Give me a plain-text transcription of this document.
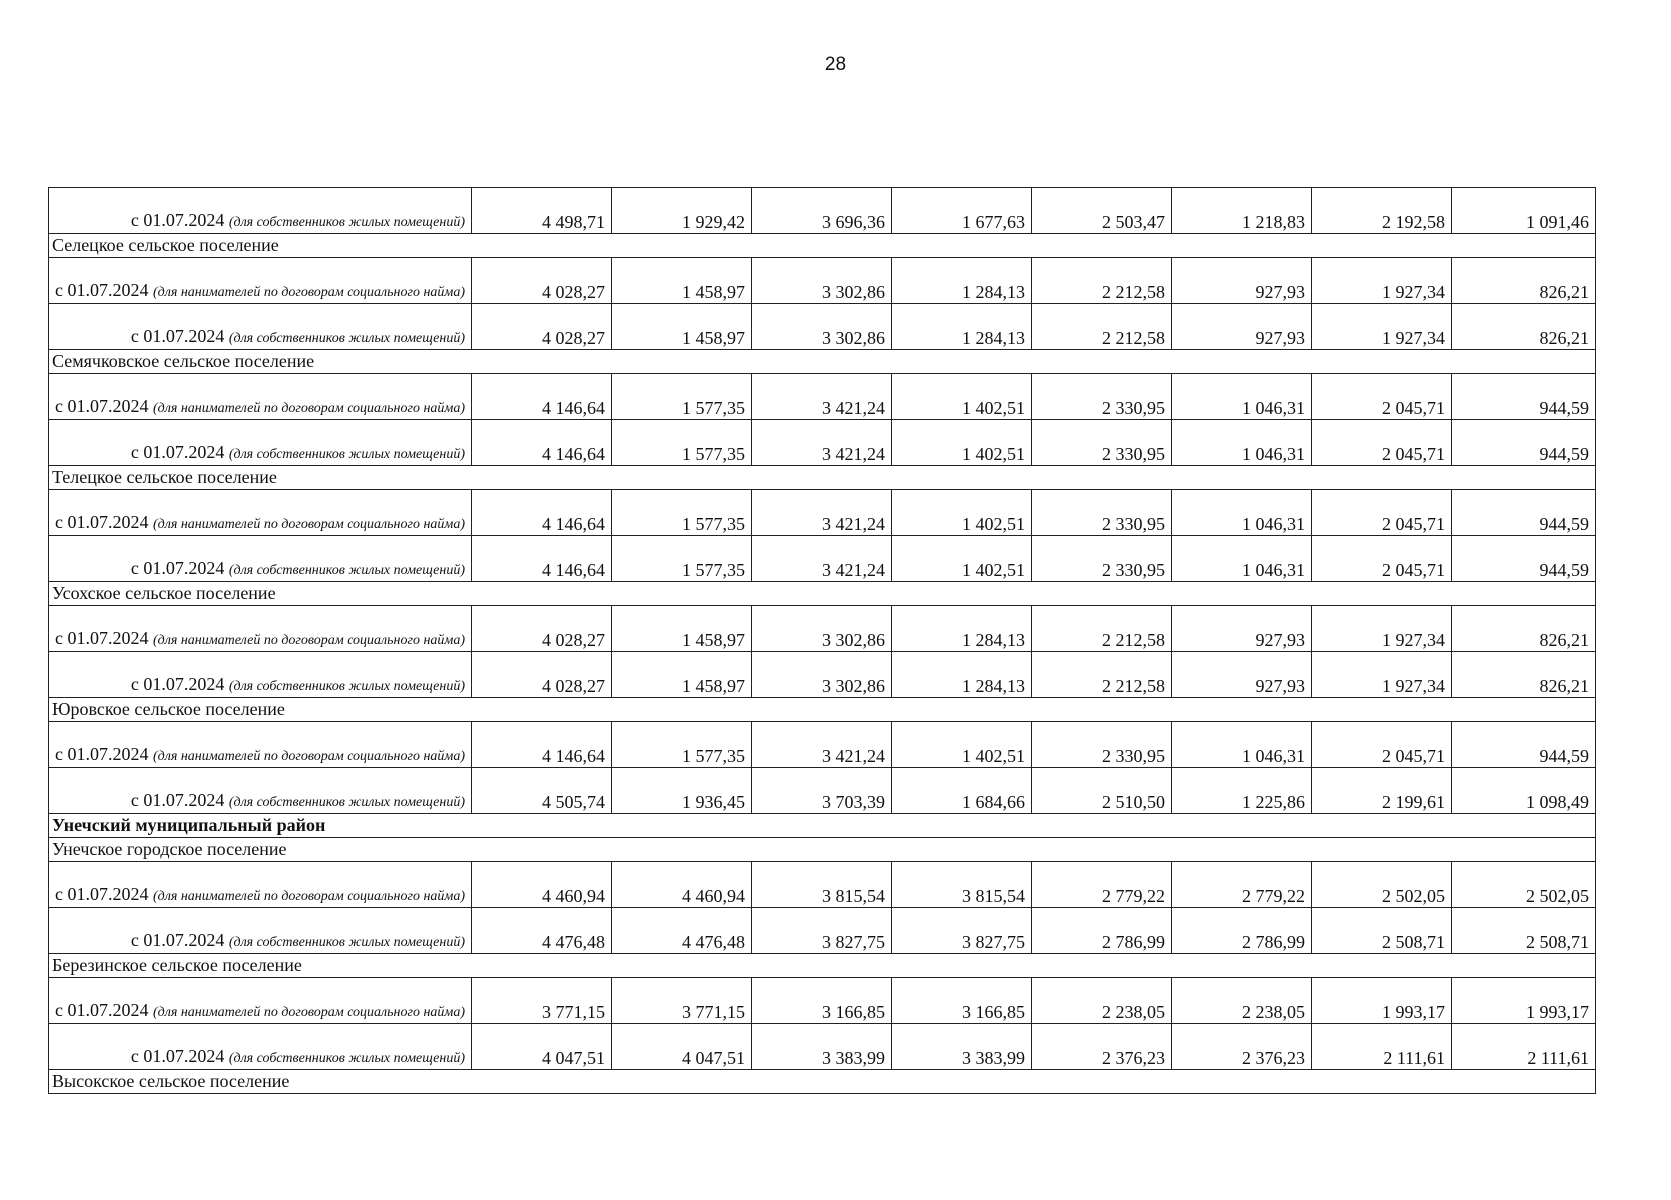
28
с 01.07.2024 (для собственников жилых помещений)	4 498,71	1 929,42	3 696,36	1 677,63	2 503,47	1 218,83	2 192,58	1 091,46
Селецкое сельское поселение								
с 01.07.2024 (для нанимателей по договорам социального найма)	4 028,27	1 458,97	3 302,86	1 284,13	2 212,58	927,93	1 927,34	826,21
с 01.07.2024 (для собственников жилых помещений)	4 028,27	1 458,97	3 302,86	1 284,13	2 212,58	927,93	1 927,34	826,21
Семячковское сельское поселение								
с 01.07.2024 (для нанимателей по договорам социального найма)	4 146,64	1 577,35	3 421,24	1 402,51	2 330,95	1 046,31	2 045,71	944,59
с 01.07.2024 (для собственников жилых помещений)	4 146,64	1 577,35	3 421,24	1 402,51	2 330,95	1 046,31	2 045,71	944,59
Телецкое сельское поселение								
с 01.07.2024 (для нанимателей по договорам социального найма)	4 146,64	1 577,35	3 421,24	1 402,51	2 330,95	1 046,31	2 045,71	944,59
с 01.07.2024 (для собственников жилых помещений)	4 146,64	1 577,35	3 421,24	1 402,51	2 330,95	1 046,31	2 045,71	944,59
Усохское сельское поселение								
с 01.07.2024 (для нанимателей по договорам социального найма)	4 028,27	1 458,97	3 302,86	1 284,13	2 212,58	927,93	1 927,34	826,21
с 01.07.2024 (для собственников жилых помещений)	4 028,27	1 458,97	3 302,86	1 284,13	2 212,58	927,93	1 927,34	826,21
Юровское сельское поселение								
с 01.07.2024 (для нанимателей по договорам социального найма)	4 146,64	1 577,35	3 421,24	1 402,51	2 330,95	1 046,31	2 045,71	944,59
с 01.07.2024 (для собственников жилых помещений)	4 505,74	1 936,45	3 703,39	1 684,66	2 510,50	1 225,86	2 199,61	1 098,49
Унечский муниципальный район								
Унечское городское поселение								
с 01.07.2024 (для нанимателей по договорам социального найма)	4 460,94	4 460,94	3 815,54	3 815,54	2 779,22	2 779,22	2 502,05	2 502,05
с 01.07.2024 (для собственников жилых помещений)	4 476,48	4 476,48	3 827,75	3 827,75	2 786,99	2 786,99	2 508,71	2 508,71
Березинское сельское поселение								
с 01.07.2024 (для нанимателей по договорам социального найма)	3 771,15	3 771,15	3 166,85	3 166,85	2 238,05	2 238,05	1 993,17	1 993,17
с 01.07.2024 (для собственников жилых помещений)	4 047,51	4 047,51	3 383,99	3 383,99	2 376,23	2 376,23	2 111,61	2 111,61
Высокское сельское поселение								
